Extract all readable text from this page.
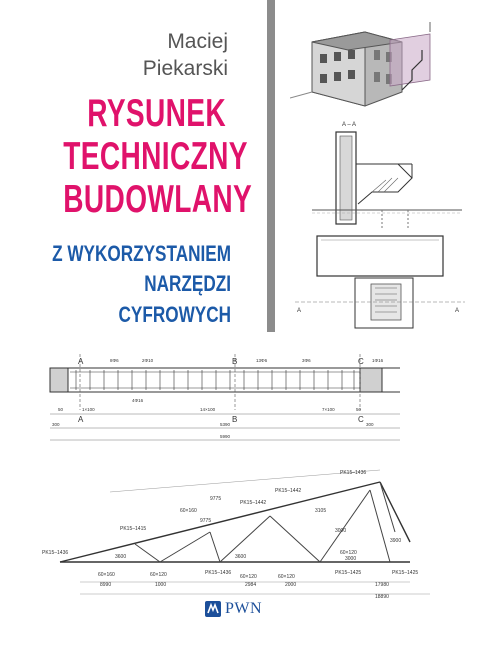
Maciej
Piekarski
RYSUNEK
TECHNICZNY
BUDOWLANY
Z WYKORZYSTANIEM
NARZĘDZI
CYFROWYCH
A – A
A	A
A	B	C
8Φ6	2Φ10	13Φ6	3Φ6	1Φ16
4Φ16
50	1×100	14×100	7×100	50
A	B	C
300	5390	300
5990
PK15–1436
PK15–1442
PK15–1442
PK15–1415
PK15–1436
PK15–1436	PK15–1425	PK15–1425
9775
9775
3105
3600	3600
3000
3000
3900
2984
8990	1000	2000	17980
18890
60×160
60×160	60×120	60×120	60×120
60×120
PWN
